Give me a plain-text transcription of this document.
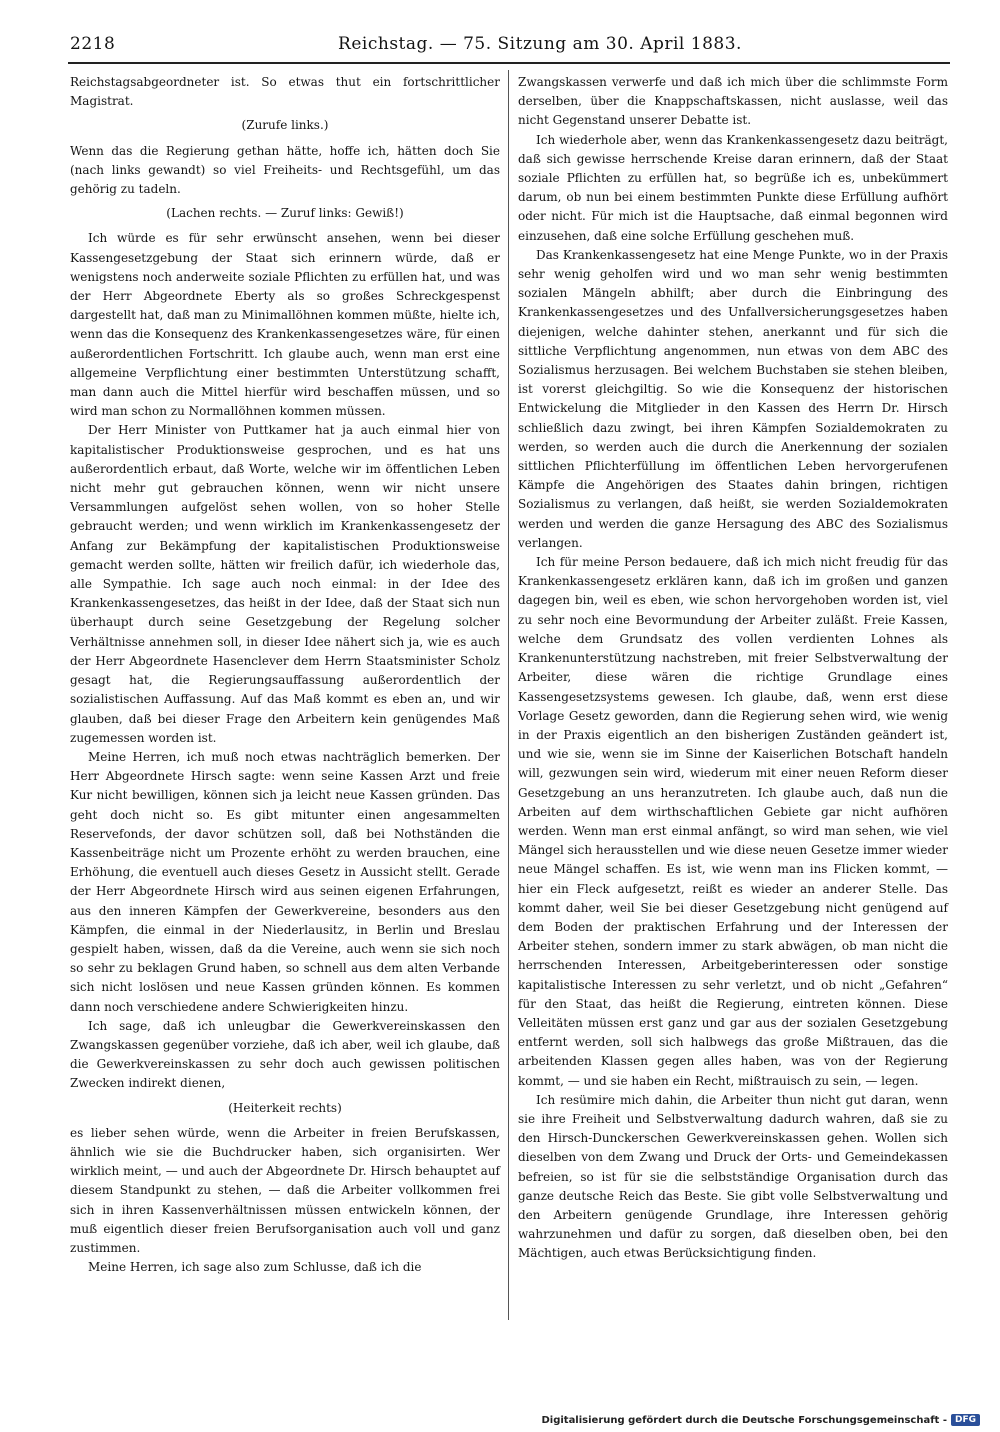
2218	Reichstag. — 75. Sitzung am 30. April 1883.

Reichstagsabgeordneter ist. So etwas thut ein fortschrittlicher Magistrat.

(Zurufe links.)

Wenn das die Regierung gethan hätte, hoffe ich, hätten doch Sie (nach links gewandt) so viel Freiheits- und Rechtsgefühl, um das gehörig zu tadeln.

(Lachen rechts. — Zuruf links: Gewiß!)

Ich würde es für sehr erwünscht ansehen, wenn bei dieser Kassengesetzgebung der Staat sich erinnern würde, daß er wenigstens noch anderweite soziale Pflichten zu erfüllen hat, und was der Herr Abgeordnete Eberty als so großes Schreckgespenst dargestellt hat, daß man zu Minimallöhnen kommen müßte, hielte ich, wenn das die Konsequenz des Krankenkassengesetzes wäre, für einen außerordentlichen Fortschritt. Ich glaube auch, wenn man erst eine allgemeine Verpflichtung einer bestimmten Unterstützung schafft, man dann auch die Mittel hierfür wird beschaffen müssen, und so wird man schon zu Normallöhnen kommen müssen.

Der Herr Minister von Puttkamer hat ja auch einmal hier von kapitalistischer Produktionsweise gesprochen, und es hat uns außerordentlich erbaut, daß Worte, welche wir im öffentlichen Leben nicht mehr gut gebrauchen können, wenn wir nicht unsere Versammlungen aufgelöst sehen wollen, von so hoher Stelle gebraucht werden; und wenn wirklich im Krankenkassengesetz der Anfang zur Bekämpfung der kapitalistischen Produktionsweise gemacht werden sollte, hätten wir freilich dafür, ich wiederhole das, alle Sympathie. Ich sage auch noch einmal: in der Idee des Krankenkassengesetzes, das heißt in der Idee, daß der Staat sich nun überhaupt durch seine Gesetzgebung der Regelung solcher Verhältnisse annehmen soll, in dieser Idee nähert sich ja, wie es auch der Herr Abgeordnete Hasenclever dem Herrn Staatsminister Scholz gesagt hat, die Regierungsauffassung außerordentlich der sozialistischen Auffassung. Auf das Maß kommt es eben an, und wir glauben, daß bei dieser Frage den Arbeitern kein genügendes Maß zugemessen worden ist.

Meine Herren, ich muß noch etwas nachträglich bemerken. Der Herr Abgeordnete Hirsch sagte: wenn seine Kassen Arzt und freie Kur nicht bewilligen, können sich ja leicht neue Kassen gründen. Das geht doch nicht so. Es gibt mitunter einen angesammelten Reservefonds, der davor schützen soll, daß bei Nothständen die Kassenbeiträge nicht um Prozente erhöht zu werden brauchen, eine Erhöhung, die eventuell auch dieses Gesetz in Aussicht stellt. Gerade der Herr Abgeordnete Hirsch wird aus seinen eigenen Erfahrungen, aus den inneren Kämpfen der Gewerkvereine, besonders aus den Kämpfen, die einmal in der Niederlausitz, in Berlin und Breslau gespielt haben, wissen, daß da die Vereine, auch wenn sie sich noch so sehr zu beklagen Grund haben, so schnell aus dem alten Verbande sich nicht loslösen und neue Kassen gründen können. Es kommen dann noch verschiedene andere Schwierigkeiten hinzu.

Ich sage, daß ich unleugbar die Gewerkvereinskassen den Zwangskassen gegenüber vorziehe, daß ich aber, weil ich glaube, daß die Gewerkvereinskassen zu sehr doch auch gewissen politischen Zwecken indirekt dienen,

(Heiterkeit rechts)

es lieber sehen würde, wenn die Arbeiter in freien Berufskassen, ähnlich wie sie die Buchdrucker haben, sich organisirten. Wer wirklich meint, — und auch der Abgeordnete Dr. Hirsch behauptet auf diesem Standpunkt zu stehen, — daß die Arbeiter vollkommen frei sich in ihren Kassenverhältnissen müssen entwickeln können, der muß eigentlich dieser freien Berufsorganisation auch voll und ganz zustimmen.

Meine Herren, ich sage also zum Schlusse, daß ich die

Zwangskassen verwerfe und daß ich mich über die schlimmste Form derselben, über die Knappschaftskassen, nicht auslasse, weil das nicht Gegenstand unserer Debatte ist.

Ich wiederhole aber, wenn das Krankenkassengesetz dazu beiträgt, daß sich gewisse herrschende Kreise daran erinnern, daß der Staat soziale Pflichten zu erfüllen hat, so begrüße ich es, unbekümmert darum, ob nun bei einem bestimmten Punkte diese Erfüllung aufhört oder nicht. Für mich ist die Hauptsache, daß einmal begonnen wird einzusehen, daß eine solche Erfüllung geschehen muß.

Das Krankenkassengesetz hat eine Menge Punkte, wo in der Praxis sehr wenig geholfen wird und wo man sehr wenig bestimmten sozialen Mängeln abhilft; aber durch die Einbringung des Krankenkassengesetzes und des Unfallversicherungsgesetzes haben diejenigen, welche dahinter stehen, anerkannt und für sich die sittliche Verpflichtung angenommen, nun etwas von dem ABC des Sozialismus herzusagen. Bei welchem Buchstaben sie stehen bleiben, ist vorerst gleichgiltig. So wie die Konsequenz der historischen Entwickelung die Mitglieder in den Kassen des Herrn Dr. Hirsch schließlich dazu zwingt, bei ihren Kämpfen Sozialdemokraten zu werden, so werden auch die durch die Anerkennung der sozialen sittlichen Pflichterfüllung im öffentlichen Leben hervorgerufenen Kämpfe die Angehörigen des Staates dahin bringen, richtigen Sozialismus zu verlangen, daß heißt, sie werden Sozialdemokraten werden und werden die ganze Hersagung des ABC des Sozialismus verlangen.

Ich für meine Person bedauere, daß ich mich nicht freudig für das Krankenkassengesetz erklären kann, daß ich im großen und ganzen dagegen bin, weil es eben, wie schon hervorgehoben worden ist, viel zu sehr noch eine Bevormundung der Arbeiter zuläßt. Freie Kassen, welche dem Grundsatz des vollen verdienten Lohnes als Krankenunterstützung nachstreben, mit freier Selbstverwaltung der Arbeiter, diese wären die richtige Grundlage eines Kassengesetzsystems gewesen. Ich glaube, daß, wenn erst diese Vorlage Gesetz geworden, dann die Regierung sehen wird, wie wenig in der Praxis eigentlich an den bisherigen Zuständen geändert ist, und wie sie, wenn sie im Sinne der Kaiserlichen Botschaft handeln will, gezwungen sein wird, wiederum mit einer neuen Reform dieser Gesetzgebung an uns heranzutreten. Ich glaube auch, daß nun die Arbeiten auf dem wirthschaftlichen Gebiete gar nicht aufhören werden. Wenn man erst einmal anfängt, so wird man sehen, wie viel Mängel sich herausstellen und wie diese neuen Gesetze immer wieder neue Mängel schaffen. Es ist, wie wenn man ins Flicken kommt, — hier ein Fleck aufgesetzt, reißt es wieder an anderer Stelle. Das kommt daher, weil Sie bei dieser Gesetzgebung nicht genügend auf dem Boden der praktischen Erfahrung und der Interessen der Arbeiter stehen, sondern immer zu stark abwägen, ob man nicht die herrschenden Interessen, Arbeitgeberinteressen oder sonstige kapitalistische Interessen zu sehr verletzt, und ob nicht „Gefahren“ für den Staat, das heißt die Regierung, eintreten können. Diese Velleitäten müssen erst ganz und gar aus der sozialen Gesetzgebung entfernt werden, soll sich halbwegs das große Mißtrauen, das die arbeitenden Klassen gegen alles haben, was von der Regierung kommt, — und sie haben ein Recht, mißtrauisch zu sein, — legen.

Ich resümire mich dahin, die Arbeiter thun nicht gut daran, wenn sie ihre Freiheit und Selbstverwaltung dadurch wahren, daß sie zu den Hirsch-Dunckerschen Gewerkvereinskassen gehen. Wollen sich dieselben von dem Zwang und Druck der Orts- und Gemeindekassen befreien, so ist für sie die selbstständige Organisation durch das ganze deutsche Reich das Beste. Sie gibt volle Selbstverwaltung und den Arbeitern genügende Grundlage, ihre Interessen gehörig wahrzunehmen und dafür zu sorgen, daß dieselben oben, bei den Mächtigen, auch etwas Berücksichtigung finden.

Digitalisierung gefördert durch die Deutsche Forschungsgemeinschaft - DFG
